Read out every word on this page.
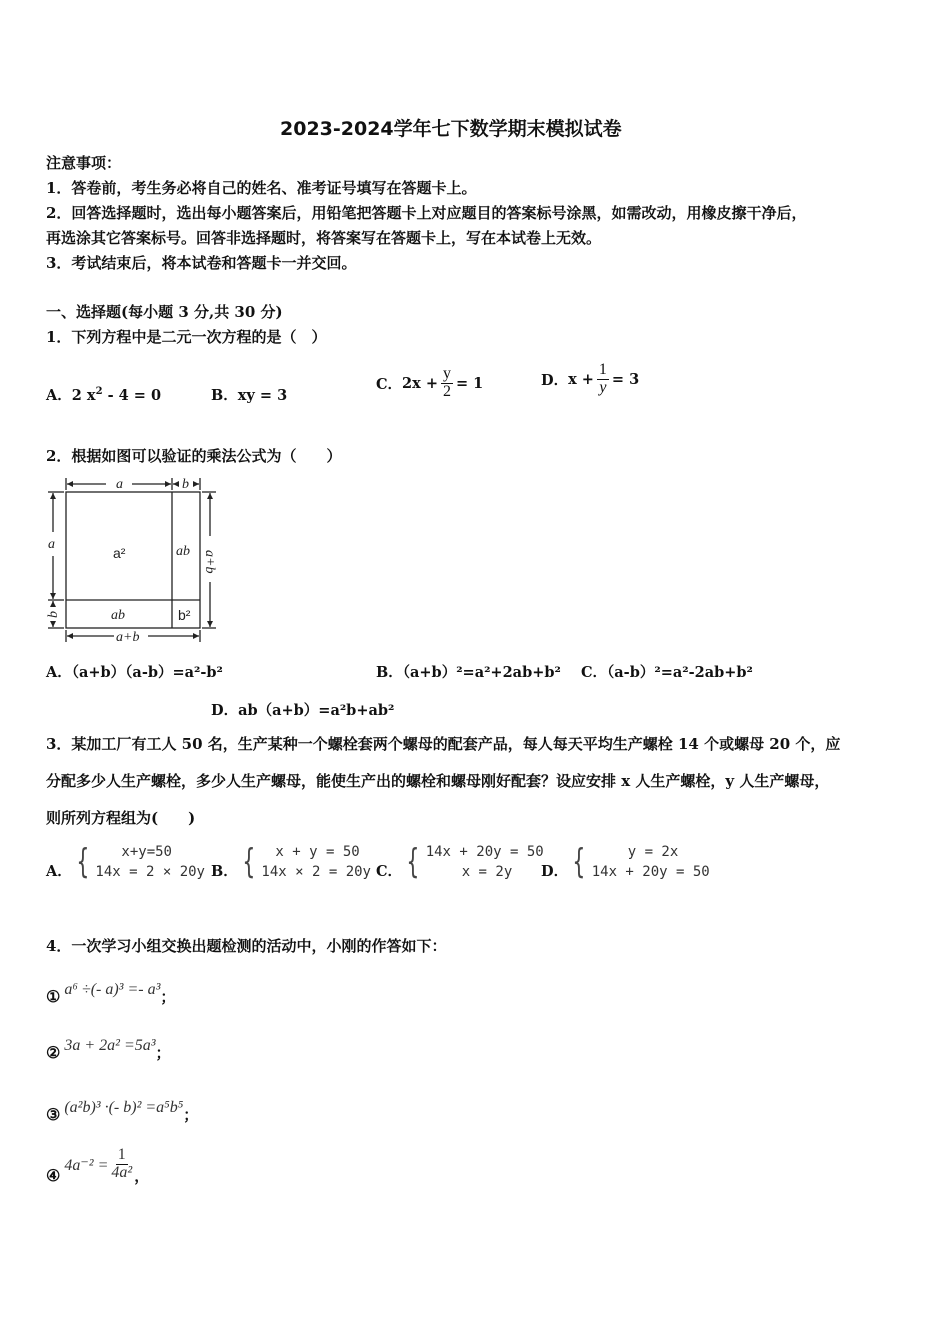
2023-2024学年七下数学期末模拟试卷
注意事项：
1．答卷前，考生务必将自己的姓名、准考证号填写在答题卡上。
2．回答选择题时，选出每小题答案后，用铅笔把答题卡上对应题目的答案标号涂黑，如需改动，用橡皮擦干净后，
再选涂其它答案标号。回答非选择题时，将答案写在答题卡上，写在本试卷上无效。
3．考试结束后，将本试卷和答题卡一并交回。
一、选择题(每小题 3 分,共 30 分)
1．下列方程中是二元一次方程的是（　）
A．2 $x^2 - 4 = 0$	B．xy = 3
C． $2x + \frac{y}{2} = 1$	D． $x + \frac{1}{y} = 3$
2．根据如图可以验证的乘法公式为（　　）
a	b
a
b
a+b
a+b
ab
ab
a²
b²
A．（a+b）（a-b）=a²-b²	B．（a+b）²=a²+2ab+b² C．（a-b）²=a²-2ab+b²
D．ab（a+b）=a²b+ab²
3．某加工厂有工人 50 名，生产某种一个螺栓套两个螺母的配套产品，每人每天平均生产螺栓 14 个或螺母 20 个，应
分配多少人生产螺栓，多少人生产螺母，能使生产出的螺栓和螺母刚好配套？设应安排 x 人生产螺栓，y 人生产螺母，
则所列方程组为(　　)
A． {	x+y=50
14x = 2 × 20y B． {	x + y = 50
14x × 2 = 20y C． { 14x + 20y = 50
x = 2y	D． {	y = 2x
14x + 20y = 50
4．一次学习小组交换出题检测的活动中，小刚的作答如下：
① a⁶ ÷(- a)³ =- a³ ；
② 3a + 2a² =5a³ ；
③ (a²b)³ ·(- b)² =a⁵b⁵ ；
④
$4a^{-2} = \frac{1}{\text{4a²}}$ ，
